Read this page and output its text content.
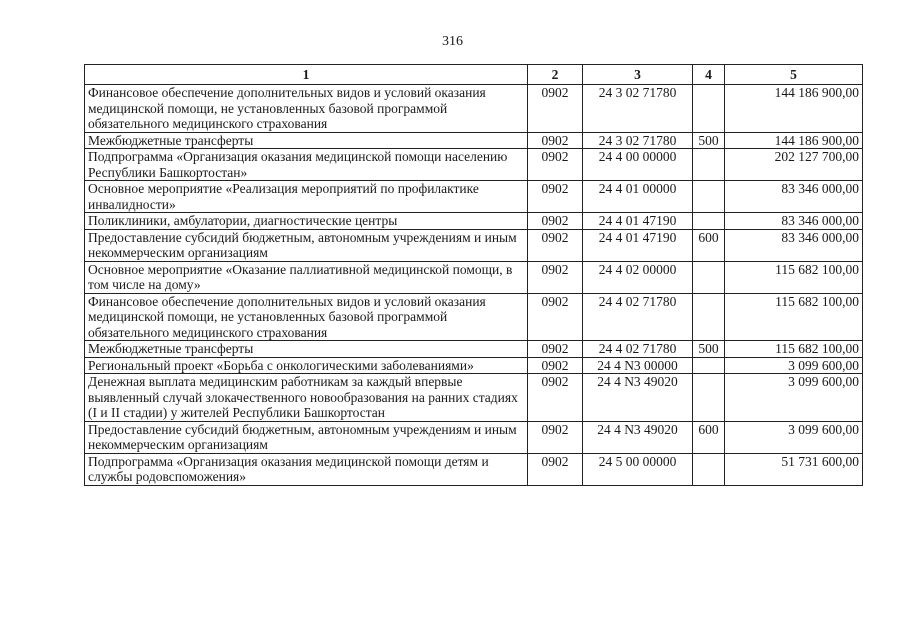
316
1	2	3	4	5
Финансовое обеспечение дополнительных видов и условий оказания медицинской помощи, не установленных базовой программой обязательного медицинского страхования	0902	24 3 02 71780		144 186 900,00
Межбюджетные трансферты	0902	24 3 02 71780	500	144 186 900,00
Подпрограмма «Организация оказания медицинской помощи населению Республики Башкортостан»	0902	24 4 00 00000		202 127 700,00
Основное мероприятие «Реализация мероприятий по профилактике инвалидности»	0902	24 4 01 00000		83 346 000,00
Поликлиники, амбулатории, диагностические центры	0902	24 4 01 47190		83 346 000,00
Предоставление субсидий бюджетным, автономным учреждениям и иным некоммерческим организациям	0902	24 4 01 47190	600	83 346 000,00
Основное мероприятие «Оказание паллиативной медицинской помощи, в том числе на дому»	0902	24 4 02 00000		115 682 100,00
Финансовое обеспечение дополнительных видов и условий оказания медицинской помощи, не установленных базовой программой обязательного медицинского страхования	0902	24 4 02 71780		115 682 100,00
Межбюджетные трансферты	0902	24 4 02 71780	500	115 682 100,00
Региональный проект «Борьба с онкологическими заболеваниями»	0902	24 4 N3 00000		3 099 600,00
Денежная выплата медицинским работникам за каждый впервые выявленный случай злокачественного новообразования на ранних стадиях (I и II стадии) у жителей Республики Башкортостан	0902	24 4 N3 49020		3 099 600,00
Предоставление субсидий бюджетным, автономным учреждениям и иным некоммерческим организациям	0902	24 4 N3 49020	600	3 099 600,00
Подпрограмма «Организация оказания медицинской помощи детям и службы родовспоможения»	0902	24 5 00 00000		51 731 600,00
